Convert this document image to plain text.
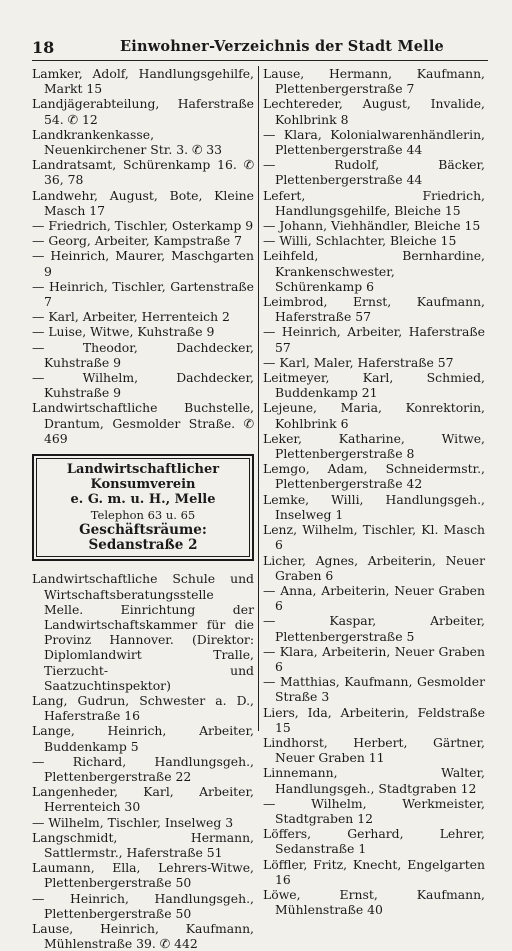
18	Einwohner-Verzeichnis der Stadt Melle
Lamker, Adolf, Handlungsgehilfe, Markt 15
Landjägerabteilung, Haferstraße 54. ✆ 12
Landkrankenkasse, Neuenkirchener Str. 3. ✆ 33
Landratsamt, Schürenkamp 16. ✆ 36, 78
Landwehr, August, Bote, Kleine Masch 17
— Friedrich, Tischler, Osterkamp 9
— Georg, Arbeiter, Kampstraße 7
— Heinrich, Maurer, Maschgarten 9
— Heinrich, Tischler, Gartenstraße 7
— Karl, Arbeiter, Herrenteich 2
— Luise, Witwe, Kuhstraße 9
— Theodor, Dachdecker, Kuhstraße 9
— Wilhelm, Dachdecker, Kuhstraße 9
Landwirtschaftliche Buchstelle, Drantum, Gesmolder Straße. ✆ 469
Landwirtschaftlicher Konsumverein
e. G. m. u. H., Melle
Telephon 63 u. 65
Geschäftsräume: Sedanstraße 2
Landwirtschaftliche Schule und Wirtschaftsberatungsstelle Melle. Einrichtung der Landwirtschaftskammer für die Provinz Hannover. (Direktor: Diplomlandwirt Tralle, Tierzucht- und Saatzuchtinspektor)
Lang, Gudrun, Schwester a. D., Haferstraße 16
Lange, Heinrich, Arbeiter, Buddenkamp 5
— Richard, Handlungsgeh., Plettenbergerstraße 22
Langenheder, Karl, Arbeiter, Herrenteich 30
— Wilhelm, Tischler, Inselweg 3
Langschmidt, Hermann, Sattlermstr., Haferstraße 51
Laumann, Ella, Lehrers-Witwe, Plettenbergerstraße 50
— Heinrich, Handlungsgeh., Plettenbergerstraße 50
Lause, Heinrich, Kaufmann, Mühlenstraße 39. ✆ 442
Lause, Hermann, Kaufmann, Plettenbergerstraße 7
Lechtereder, August, Invalide, Kohlbrink 8
— Klara, Kolonialwarenhändlerin, Plettenbergerstraße 44
— Rudolf, Bäcker, Plettenbergerstraße 44
Lefert, Friedrich, Handlungsgehilfe, Bleiche 15
— Johann, Viehhändler, Bleiche 15
— Willi, Schlachter, Bleiche 15
Leihfeld, Bernhardine, Krankenschwester, Schürenkamp 6
Leimbrod, Ernst, Kaufmann, Haferstraße 57
— Heinrich, Arbeiter, Haferstraße 57
— Karl, Maler, Haferstraße 57
Leitmeyer, Karl, Schmied, Buddenkamp 21
Lejeune, Maria, Konrektorin, Kohlbrink 6
Leker, Katharine, Witwe, Plettenbergerstraße 8
Lemgo, Adam, Schneidermstr., Plettenbergerstraße 42
Lemke, Willi, Handlungsgeh., Inselweg 1
Lenz, Wilhelm, Tischler, Kl. Masch 6
Licher, Agnes, Arbeiterin, Neuer Graben 6
— Anna, Arbeiterin, Neuer Graben 6
— Kaspar, Arbeiter, Plettenbergerstraße 5
— Klara, Arbeiterin, Neuer Graben 6
— Matthias, Kaufmann, Gesmolder Straße 3
Liers, Ida, Arbeiterin, Feldstraße 15
Lindhorst, Herbert, Gärtner, Neuer Graben 11
Linnemann, Walter, Handlungsgeh., Stadtgraben 12
— Wilhelm, Werkmeister, Stadtgraben 12
Löffers, Gerhard, Lehrer, Sedanstraße 1
Löffler, Fritz, Knecht, Engelgarten 16
Löwe, Ernst, Kaufmann, Mühlenstraße 40
